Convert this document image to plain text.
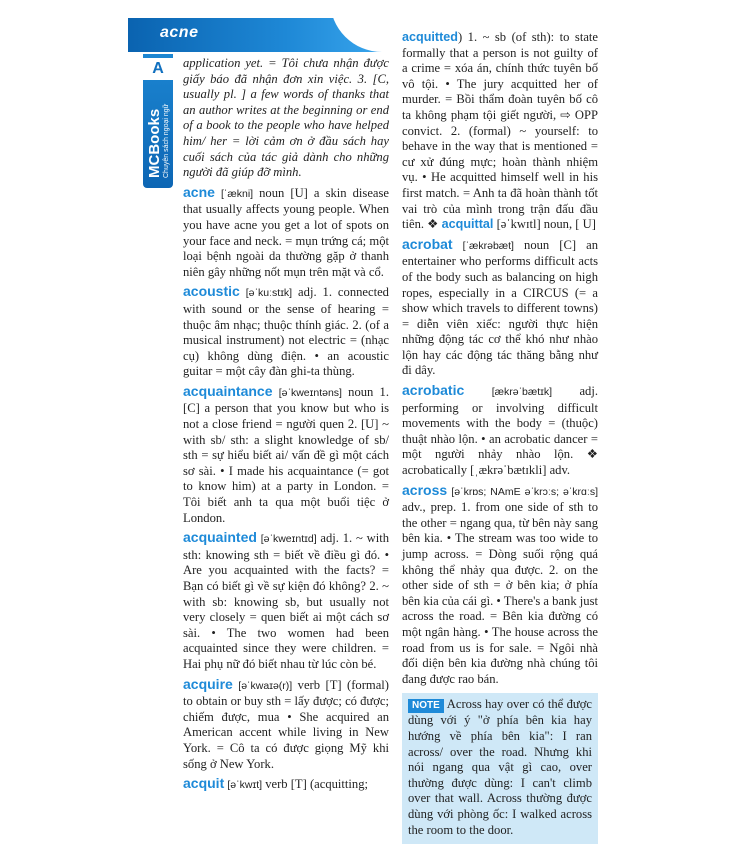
acne	12
A
MCBooks Chuyên sách ngoại ngữ
application yet. = Tôi chưa nhận được giấy báo đã nhận đơn xin việc. 3. [C, usually pl. ] a few words of thanks that an author writes at the beginning or end of a book to the people who have helped him/ her = lời cảm ơn ở đầu sách hay cuối sách của tác giả dành cho những người đã giúp đỡ mình.
acne [ˈækni] noun [U] a skin disease that usually affects young people. When you have acne you get a lot of spots on your face and neck. = mụn trứng cá; một loại bệnh ngoài da thường gặp ở thanh niên gây những nốt mụn trên mặt và cổ.
acoustic [əˈkuːstɪk] adj. 1. connected with sound or the sense of hearing = thuộc âm nhạc; thuộc thính giác. 2. (of a musical instrument) not electric = (nhạc cụ) không dùng điện. • an acoustic guitar = một cây đàn ghi-ta thùng.
acquaintance [əˈkweɪntəns] noun 1. [C] a person that you know but who is not a close friend = người quen 2. [U] ~ with sb/ sth: a slight knowledge of sb/ sth = sự hiểu biết ai/ vấn đề gì một cách sơ sài. • I made his acquaintance (= got to know him) at a party in London. = Tôi biết anh ta qua một buổi tiệc ở London.
acquainted [əˈkweɪntɪd] adj. 1. ~ with sth: knowing sth = biết về điều gì đó. • Are you acquainted with the facts? = Bạn có biết gì về sự kiện đó không? 2. ~ with sb: knowing sb, but usually not very closely = quen biết ai một cách sơ sài. • The two women had been acquainted since they were children. = Hai phụ nữ đó biết nhau từ lúc còn bé.
acquire [əˈkwaɪə(r)] verb [T] (formal) to obtain or buy sth = lấy được; có được; chiếm được, mua • She acquired an American accent while living in New York. = Cô ta có được giọng Mỹ khi sống ở New York.
acquit [əˈkwɪt] verb [T] (acquitting;
acquitted) 1. ~ sb (of sth): to state formally that a person is not guilty of a crime = xóa án, chính thức tuyên bố vô tội. • The jury acquitted her of murder. = Bồi thẩm đoàn tuyên bố cô ta không phạm tội giết người, ⇨ OPP convict. 2. (formal) ~ yourself: to behave in the way that is mentioned = cư xử đúng mực; hoàn thành nhiệm vụ. • He acquitted himself well in his first match. = Anh ta đã hoàn thành tốt vai trò của mình trong trận đấu đầu tiên. ❖ acquittal [əˈkwɪtl] noun, [ U]
acrobat [ˈækrəbæt] noun [C] an entertainer who performs difficult acts of the body such as balancing on high ropes, especially in a CIRCUS (= a show which travels to different towns) = diễn viên xiếc: người thực hiện những động tác cơ thể khó như nhào lộn hay các động tác thăng bằng như đi dây.
acrobatic	[ækrəˈbætɪk] adj. performing or involving difficult movements with the body = (thuộc) thuật nhào lộn. • an acrobatic dancer = một người nhảy nhào lộn. ❖ acrobatically [ˌækrəˈbætɪkli] adv.
across [əˈkrɒs; NAmE əˈkrɔːs; əˈkrɑːs] adv., prep. 1. from one side of sth to the other = ngang qua, từ bên này sang bên kia. • The stream was too wide to jump across. = Dòng suối rộng quá không thể nhảy qua được. 2. on the other side of sth = ở bên kia; ở phía bên kia của cái gì. • There's a bank just across the road. = Bên kia đường có một ngân hàng. • The house across the road from us is for sale. = Ngôi nhà đối diện bên kia đường nhà chúng tôi đang được rao bán.
NOTE Across hay over có thể được dùng với ý "ở phía bên kia hay hướng về phía bên kia": I ran across/ over the road. Nhưng khi nói ngang qua vật gì cao, over thường được dùng: I can't climb over that wall. Across thường được dùng với phòng ốc: I walked across the room to the door.
